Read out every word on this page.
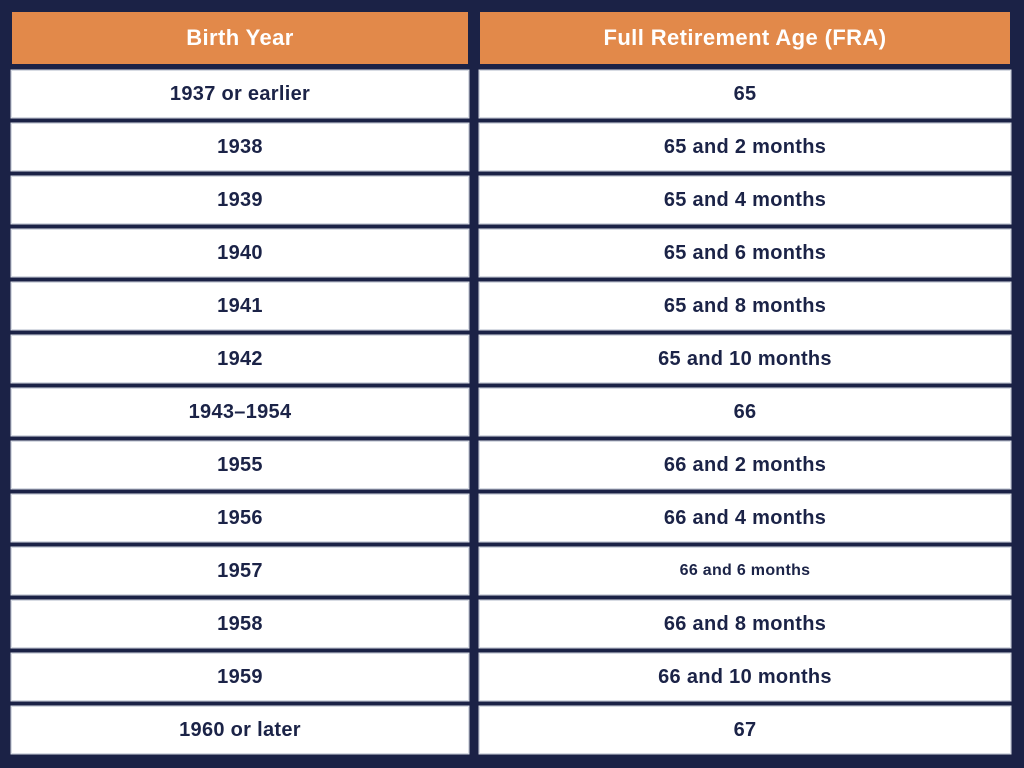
Birth Year	Full Retirement Age (FRA)
1937 or earlier	65
1938	65 and 2 months
1939	65 and 4 months
1940	65 and 6 months
1941	65 and 8 months
1942	65 and 10 months
1943–1954	66
1955	66 and 2 months
1956	66 and 4 months
1957	66 and 6 months
1958	66 and 8 months
1959	66 and 10 months
1960 or later	67
